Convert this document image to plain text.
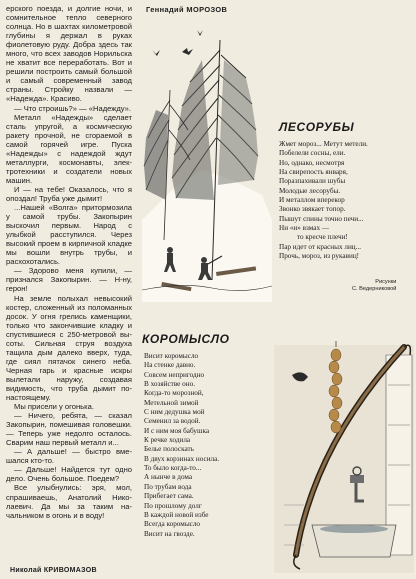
ерского поезда, и долгие ночи, и сомнительное тепло северного солнца. Но в шахтах километровой глубины я держал в руках фиолетовую руду. Добра здесь так много, что всех заводов Норильска не хватит все переработать. Вот и решили построить самый большой и самый современный завод страны. Стройку назвали — «Надежда». Красиво.

— Что строишь?» — «Надежду».

Металл «Надежды» сделает сталь упругой, а космическую ракету прочной, не сгораемой в самой горячей игре. Пуска «Надежды» с надеждой ждут металлурги, космонавты, электротехники и создатели новых машин.

И — на тебе! Оказалось, что я опоздал! Труба уже дымит!

...Нашей «Волга» притормозила у самой трубы. Закопырин выскочил первым. Народ с улыбкой расступился. Через высокий проем в кирпичной кладке мы вошли внутрь трубы, и расхохотались.

— Здорово меня купили, — признался Закопырин. — Н-ну, герон!

На земле полыхал невысокий костер, сложенный из поломанных досок. У огня грелись каменщики, только что закончившие кладку и спустившиеся с 250-метровой высоты. Сильная струя воздуха тащила дым далеко вверх, туда, где сиял пятачок синего неба. Черная гарь и красные искры вылетали наружу, создавая видимость, что труба дымит по-настоящему.

Мы присели у огонька.

— Ничего, ребята, — сказал Закопырин, помешивая головешки. — Теперь уже недолго осталось. Сварим наш первый металл и...

— А дальше! — быстро вмешался кто-то.

— Дальше! Найдется тут одно дело. Очень большое. Поедем?

Все улыбнулись: эря, мол, спрашиваешь, Анатолий Николаевич. Да мы за таким начальником в огонь и в воду!

Николай КРИВОМАЗОВ
Геннадий МОРОЗОВ
ЛЕСОРУБЫ
Жмет мороз... Метут метели.
Побелели сосны, ели.
Но, однако, несмотря
На свирепость января,
Поразпахивали шубы
Молодые лесорубы.
И металлом вперекор
Звонко звякает топор.
Пышут спины точно печи...
Ни «и» взмах —
то кресче плечи!
Пар идет от красных лиц...
Прочь, мороз, из рукавиц!
Рисунки
С. Ведерниковой
КОРОМЫСЛО
Висит коромысло
На стенке давно.
Совсем непригодно
В хозяйстве оно.
Когда-то морозной,
Метельной зимой
С ним дедушка мой
Семенил за водой.
И с ним моя бабушка
К речке ходила
Белье полоскать
В двух корзинах носила.
То было когда-то...
А нынче в дома
По трубам вода
Прибегает сама.
По прошлому долг
В каждой новой избе
Всегда коромысло
Висит на гвоздe.
